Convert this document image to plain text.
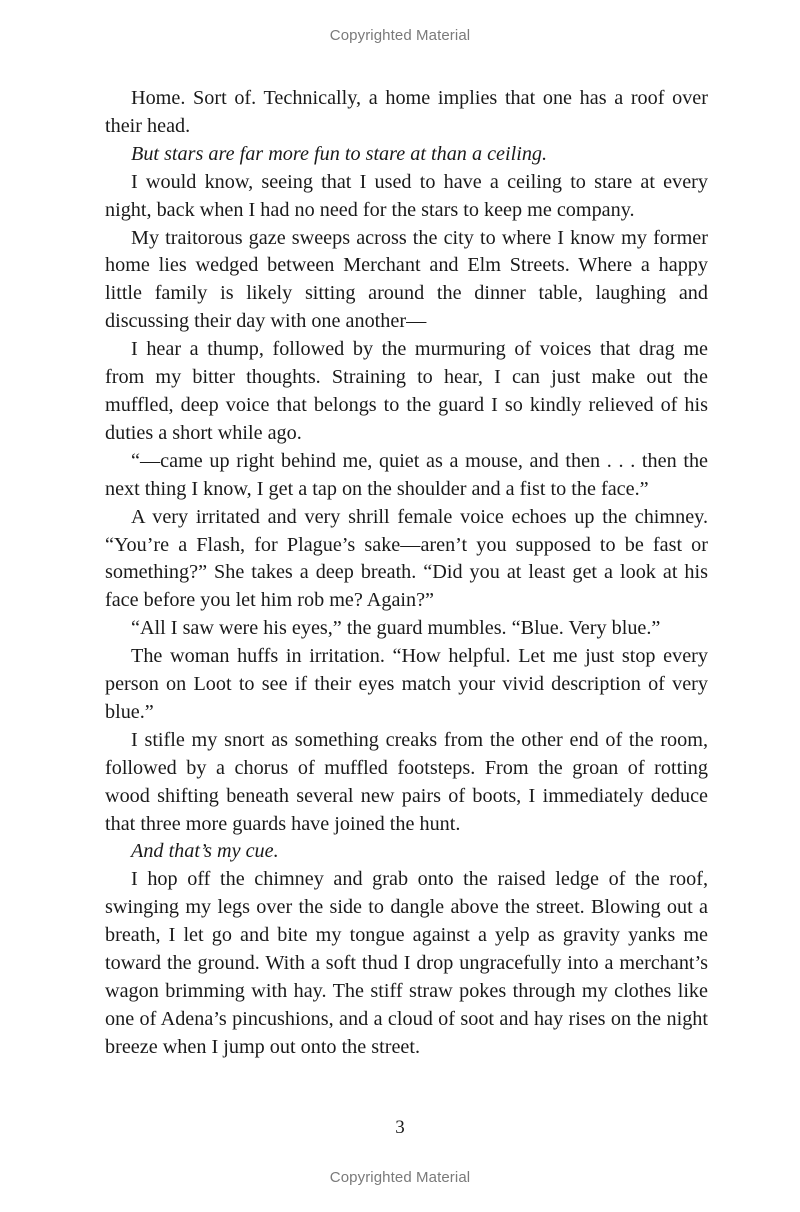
Copyrighted Material

Home. Sort of. Technically, a home implies that one has a roof over their head.

But stars are far more fun to stare at than a ceiling.

I would know, seeing that I used to have a ceiling to stare at every night, back when I had no need for the stars to keep me company.

My traitorous gaze sweeps across the city to where I know my former home lies wedged between Merchant and Elm Streets. Where a happy little family is likely sitting around the dinner table, laughing and discussing their day with one another—

I hear a thump, followed by the murmuring of voices that drag me from my bitter thoughts. Straining to hear, I can just make out the muffled, deep voice that belongs to the guard I so kindly relieved of his duties a short while ago.

“—came up right behind me, quiet as a mouse, and then . . . then the next thing I know, I get a tap on the shoulder and a fist to the face.”

A very irritated and very shrill female voice echoes up the chimney. “You’re a Flash, for Plague’s sake—aren’t you supposed to be fast or something?” She takes a deep breath. “Did you at least get a look at his face before you let him rob me? Again?”

“All I saw were his eyes,” the guard mumbles. “Blue. Very blue.”

The woman huffs in irritation. “How helpful. Let me just stop every person on Loot to see if their eyes match your vivid description of very blue.”

I stifle my snort as something creaks from the other end of the room, followed by a chorus of muffled footsteps. From the groan of rotting wood shifting beneath several new pairs of boots, I immediately deduce that three more guards have joined the hunt.

And that’s my cue.

I hop off the chimney and grab onto the raised ledge of the roof, swinging my legs over the side to dangle above the street. Blowing out a breath, I let go and bite my tongue against a yelp as gravity yanks me toward the ground. With a soft thud I drop ungracefully into a merchant’s wagon brimming with hay. The stiff straw pokes through my clothes like one of Adena’s pincushions, and a cloud of soot and hay rises on the night breeze when I jump out onto the street.

3
Copyrighted Material
